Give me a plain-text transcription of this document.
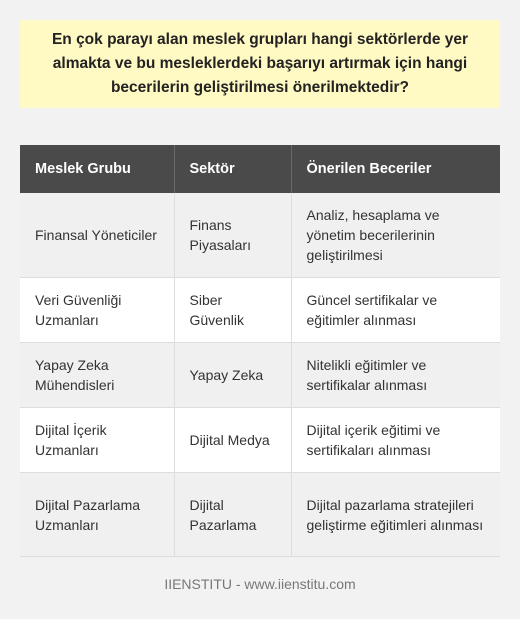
En çok parayı alan meslek grupları hangi sektörlerde yer almakta ve bu mesleklerdeki başarıyı artırmak için hangi becerilerin geliştirilmesi önerilmektedir?
Meslek Grubu	Sektör	Önerilen Beceriler
Finansal Yöneticiler	Finans Piyasaları	Analiz, hesaplama ve yönetim becerilerinin geliştirilmesi
Veri Güvenliği Uzmanları	Siber Güvenlik	Güncel sertifikalar ve eğitimler alınması
Yapay Zeka Mühendisleri	Yapay Zeka	Nitelikli eğitimler ve sertifikalar alınması
Dijital İçerik Uzmanları	Dijital Medya	Dijital içerik eğitimi ve sertifikaları alınması
Dijital Pazarlama Uzmanları	Dijital Pazarlama	Dijital pazarlama stratejileri geliştirme eğitimleri alınması
IIENSTITU - www.iienstitu.com
